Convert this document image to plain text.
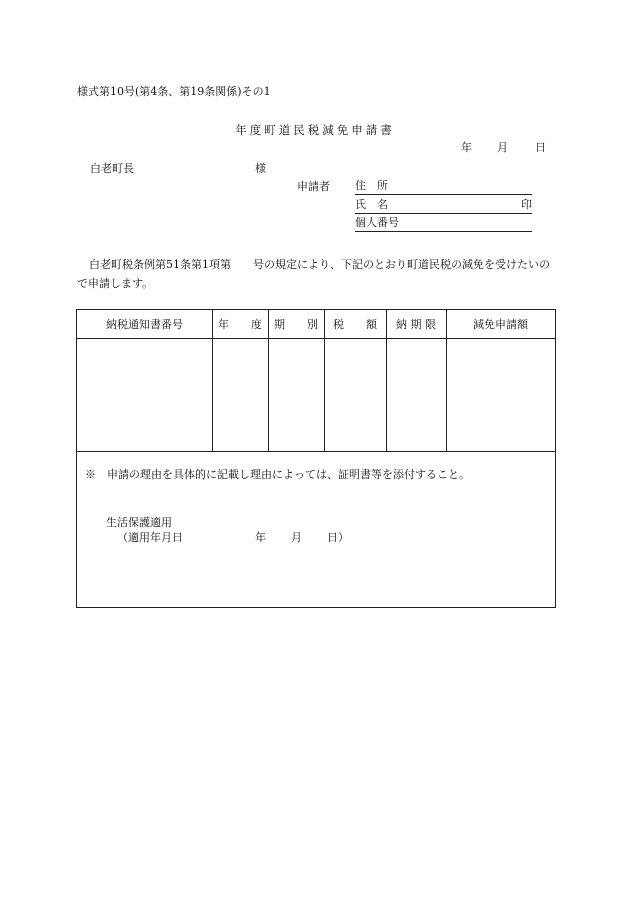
様式第10号(第4条、第19条関係)その1
年度町道民税減免申請書
年 月 日
白老町長	様
申請者 住　所
氏　名	印
個人番号
白老町税条例第51条第1項第　　号の規定により、下記のとおり町道民税の減免を受けたいので申請します。
納税通知書番号	年　　度	期　　別	税　　額	納 期 限	減免申請額
※　申請の理由を具体的に記載し理由によっては、証明書等を添付すること。
生活保護適用
（適用年月日	年 月 日）
